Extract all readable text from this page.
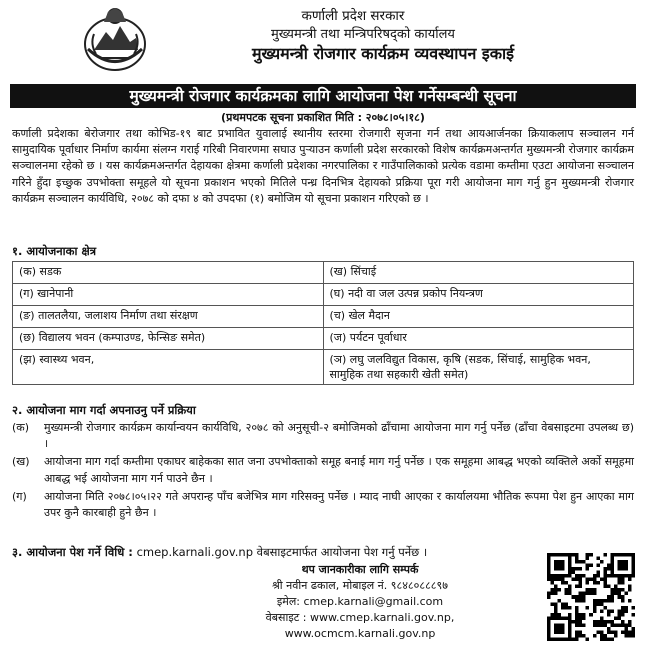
कर्णाली प्रदेश सरकार
मुख्यमन्त्री तथा मन्त्रिपरिषद्को कार्यालय
मुख्यमन्त्री रोजगार कार्यक्रम व्यवस्थापन इकाई
मुख्यमन्त्री रोजगार कार्यक्रमका लागि आयोजना पेश गर्नेसम्बन्धी सूचना
(प्रथमपटक सूचना प्रकाशित मिति : २०७८।०५।१८)
कर्णाली प्रदेशका बेरोजगार तथा कोभिड-१९ बाट प्रभावित युवालाई स्थानीय स्तरमा रोजगारी सृजना गर्न तथा आयआर्जनका क्रियाकलाप सञ्चालन गर्न सामुदायिक पूर्वाधार निर्माण कार्यमा संलग्न गराई गरिबी निवारणमा सघाउ पुऱ्याउन कर्णाली प्रदेश सरकारको विशेष कार्यक्रमअन्तर्गत मुख्यमन्त्री रोजगार कार्यक्रम सञ्चालनमा रहेको छ । यस कार्यक्रमअन्तर्गत देहायका क्षेत्रमा कर्णाली प्रदेशका नगरपालिका र गाउँपालिकाको प्रत्येक वडामा कम्तीमा एउटा आयोजना सञ्चालन गरिने हुँदा इच्छुक उपभोक्ता समूहले यो सूचना प्रकाशन भएको मितिले पन्ध्र दिनभित्र देहायको प्रक्रिया पूरा गरी आयोजना माग गर्नु हुन मुख्यमन्त्री रोजगार कार्यक्रम सञ्चालन कार्यविधि, २०७८ को दफा ४ को उपदफा (१) बमोजिम यो सूचना प्रकाशन गरिएको छ ।
१. आयोजनाका क्षेत्र
(क) सडक	(ख) सिंचाई
(ग) खानेपानी	(घ) नदी वा जल उत्पन्न प्रकोप नियन्त्रण
(ङ) तालतलैया, जलाशय निर्माण तथा संरक्षण	(च) खेल मैदान
(छ) विद्यालय भवन (कम्पाउण्ड, फेन्सिङ समेत)	(ज) पर्यटन पूर्वाधार
(झ) स्वास्थ्य भवन,	(ञ) लघु जलविद्युत विकास, कृषि (सडक, सिंचाई, सामुहिक भवन, सामुहिक तथा सहकारी खेती समेत)
२. आयोजना माग गर्दा अपनाउनु पर्ने प्रक्रिया
(क)	मुख्यमन्त्री रोजगार कार्यक्रम कार्यान्वयन कार्यविधि, २०७८ को अनुसूची-२ बमोजिमको ढाँचामा आयोजना माग गर्नु पर्नेछ (ढाँचा वेबसाइटमा उपलब्ध छ) ।
(ख)	आयोजना माग गर्दा कम्तीमा एकाघर बाहेकका सात जना उपभोक्ताको समूह बनाई माग गर्नु पर्नेछ । एक समूहमा आबद्ध भएको व्यक्तिले अर्को समूहमा आबद्ध भई आयोजना माग गर्न पाउने छैन ।
(ग)	आयोजना मिति २०७८।०५।२२ गते अपरान्ह पाँच बजेभित्र माग गरिसक्नु पर्नेछ । म्याद नाघी आएका र कार्यालयमा भौतिक रूपमा पेश हुन आएका माग उपर कुनै कारबाही हुने छैन ।
३. आयोजना पेश गर्ने विधि : cmep.karnali.gov.np वेबसाइटमार्फत आयोजना पेश गर्नु पर्नेछ ।
थप जानकारीका लागि सम्पर्क
श्री नवीन ढकाल, मोबाइल नं. ९८४८०८८८९७
इमेल: cmep.karnali@gmail.com
वेबसाइट : www.cmep.karnali.gov.np, www.ocmcm.karnali.gov.np
